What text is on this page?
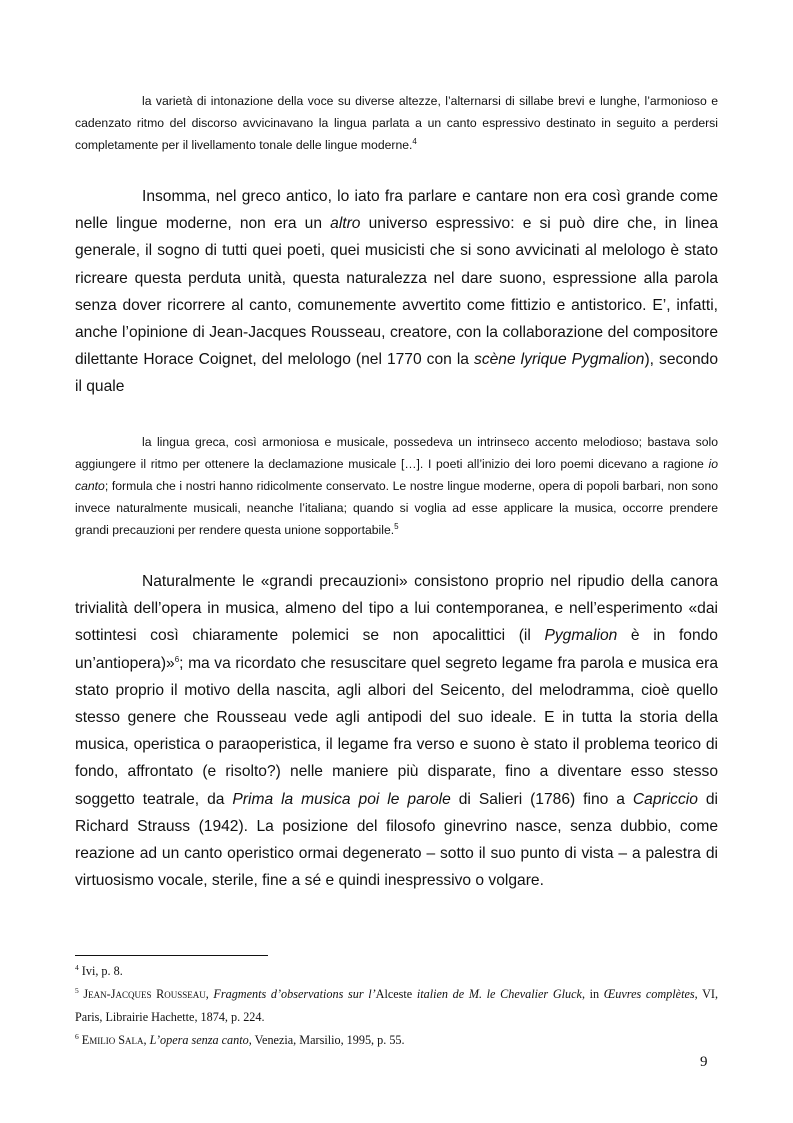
la varietà di intonazione della voce su diverse altezze, l’alternarsi di sillabe brevi e lunghe, l’armonioso e cadenzato ritmo del discorso avvicinavano la lingua parlata a un canto espressivo destinato in seguito a perdersi completamente per il livellamento tonale delle lingue moderne.$^4$

Insomma, nel greco antico, lo iato fra parlare e cantare non era così grande come nelle lingue moderne, non era un altro universo espressivo: e si può dire che, in linea generale, il sogno di tutti quei poeti, quei musicisti che si sono avvicinati al melologo è stato ricreare questa perduta unità, questa naturalezza nel dare suono, espressione alla parola senza dover ricorrere al canto, comunemente avvertito come fittizio e antistorico. E’, infatti, anche l’opinione di Jean-Jacques Rousseau, creatore, con la collaborazione del compositore dilettante Horace Coignet, del melologo (nel 1770 con la scène lyrique Pygmalion), secondo il quale

la lingua greca, così armoniosa e musicale, possedeva un intrinseco accento melodioso; bastava solo aggiungere il ritmo per ottenere la declamazione musicale […]. I poeti all’inizio dei loro poemi dicevano a ragione io canto; formula che i nostri hanno ridicolmente conservato. Le nostre lingue moderne, opera di popoli barbari, non sono invece naturalmente musicali, neanche l’italiana; quando si voglia ad esse applicare la musica, occorre prendere grandi precauzioni per rendere questa unione sopportabile.$^5$

Naturalmente le «grandi precauzioni» consistono proprio nel ripudio della canora trivialità dell’opera in musica, almeno del tipo a lui contemporanea, e nell’esperimento «dai sottintesi così chiaramente polemici se non apocalittici (il Pygmalion è in fondo un’antiopera)»$^6$; ma va ricordato che resuscitare quel segreto legame fra parola e musica era stato proprio il motivo della nascita, agli albori del Seicento, del melodramma, cioè quello stesso genere che Rousseau vede agli antipodi del suo ideale. E in tutta la storia della musica, operistica o paraoperistica, il legame fra verso e suono è stato il problema teorico di fondo, affrontato (e risolto?) nelle maniere più disparate, fino a diventare esso stesso soggetto teatrale, da Prima la musica poi le parole di Salieri (1786) fino a Capriccio di Richard Strauss (1942). La posizione del filosofo ginevrino nasce, senza dubbio, come reazione ad un canto operistico ormai degenerato – sotto il suo punto di vista – a palestra di virtuosismo vocale, sterile, fine a sé e quindi inespressivo o volgare.

$^4$ Ivi, p. 8.

$^5$ Jean-Jacques Rousseau, Fragments d’observations sur l’Alceste italien de M. le Chevalier Gluck, in Œuvres complètes, VI, Paris, Librairie Hachette, 1874, p. 224.

$^6$ Emilio Sala, L’opera senza canto, Venezia, Marsilio, 1995, p. 55.

9
